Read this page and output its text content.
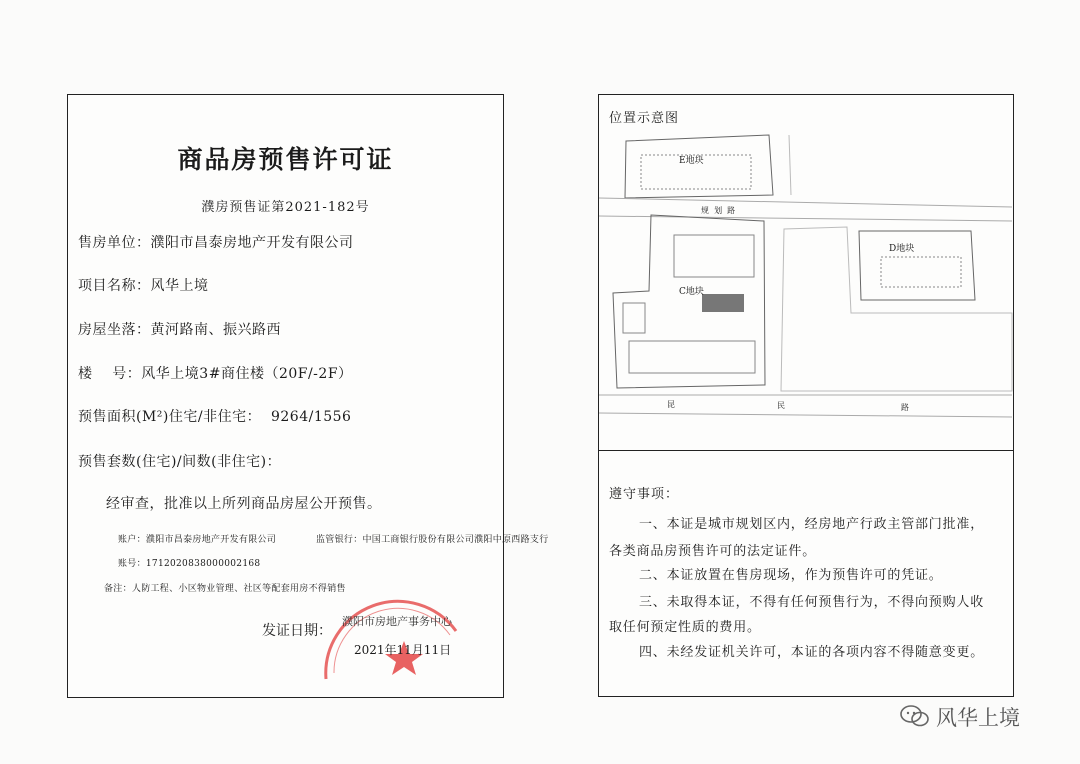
商品房预售许可证
濮房预售证第2021-182号
售房单位：濮阳市昌泰房地产开发有限公司
项目名称：风华上境
房屋坐落：黄河路南、振兴路西
楼    号：风华上境3#商住楼（20F/-2F）
预售面积(M²)住宅/非住宅：  9264/1556
预售套数(住宅)/间数(非住宅)：
经审查，批准以上所列商品房屋公开预售。
账户：濮阳市昌泰房地产开发有限公司	监管银行：中国工商银行股份有限公司濮阳中原西路支行
账号：1712020838000002168
备注：人防工程、小区物业管理、社区等配套用房不得销售
发证日期：
濮阳市房地产事务中心
2021年11月11日
位置示意图
E地块
规  划  路
C地块
D地块
昆	民	路
遵守事项：
一、本证是城市规划区内，经房地产行政主管部门批准，
各类商品房预售许可的法定证件。
二、本证放置在售房现场，作为预售许可的凭证。
三、未取得本证，不得有任何预售行为，不得向预购人收
取任何预定性质的费用。
四、未经发证机关许可，本证的各项内容不得随意变更。
风华上境
